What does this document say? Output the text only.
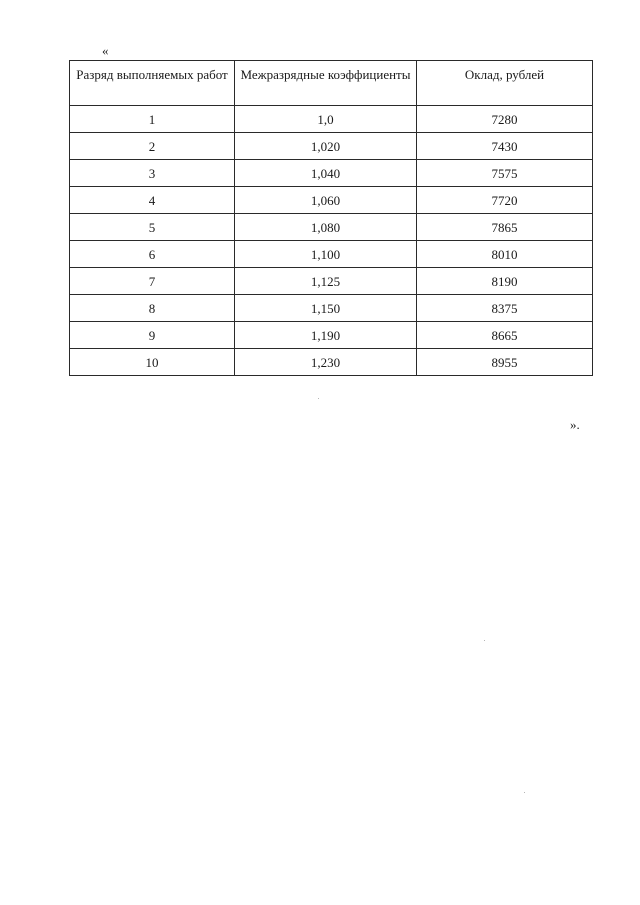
«
Разряд выполняемых работ	Межразрядные коэффициенты	Оклад, рублей
1	1,0	7280
2	1,020	7430
3	1,040	7575
4	1,060	7720
5	1,080	7865
6	1,100	8010
7	1,125	8190
8	1,150	8375
9	1,190	8665
10	1,230	8955
».
